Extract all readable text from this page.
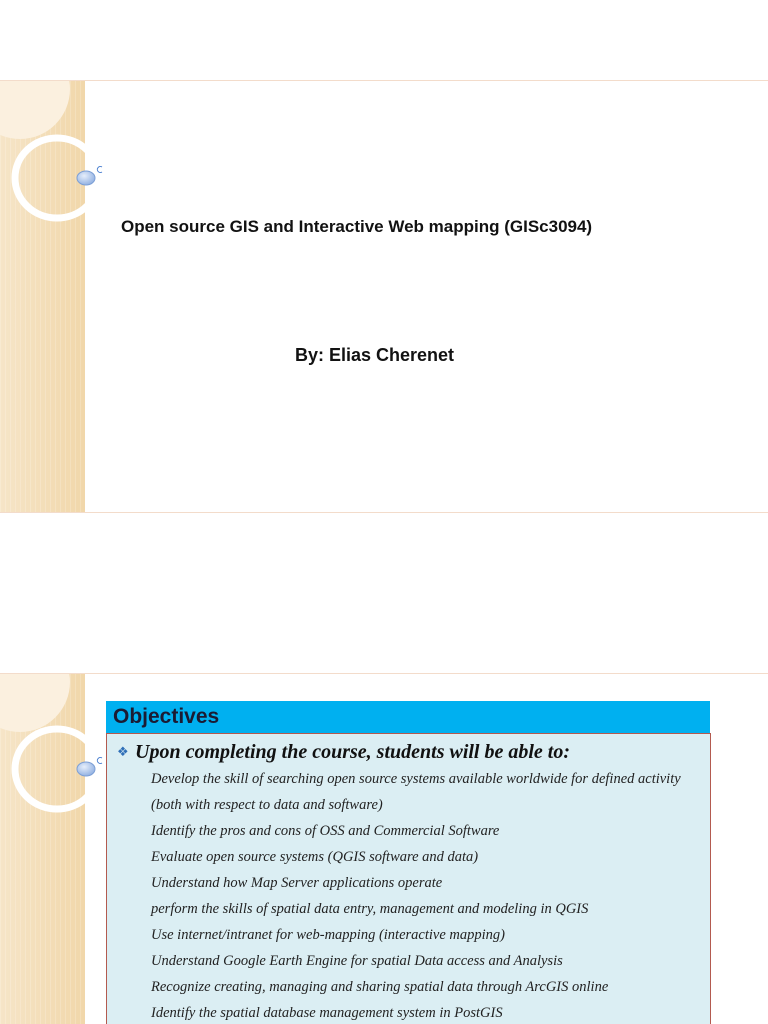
Open source GIS and Interactive Web mapping (GISc3094)
By: Elias Cherenet
Objectives
❖ Upon completing the course, students will be able to:
Develop the skill of searching open source systems available worldwide for defined activity
(both with respect to data and software)
Identify the pros and cons of OSS and Commercial Software
Evaluate open source systems (QGIS software and data)
Understand how Map Server applications operate
perform the skills of spatial data entry, management and modeling in QGIS
Use internet/intranet for web-mapping (interactive mapping)
Understand Google Earth Engine for spatial Data access and Analysis
Recognize creating, managing and sharing spatial data through ArcGIS online
Identify the spatial database management system in PostGIS
